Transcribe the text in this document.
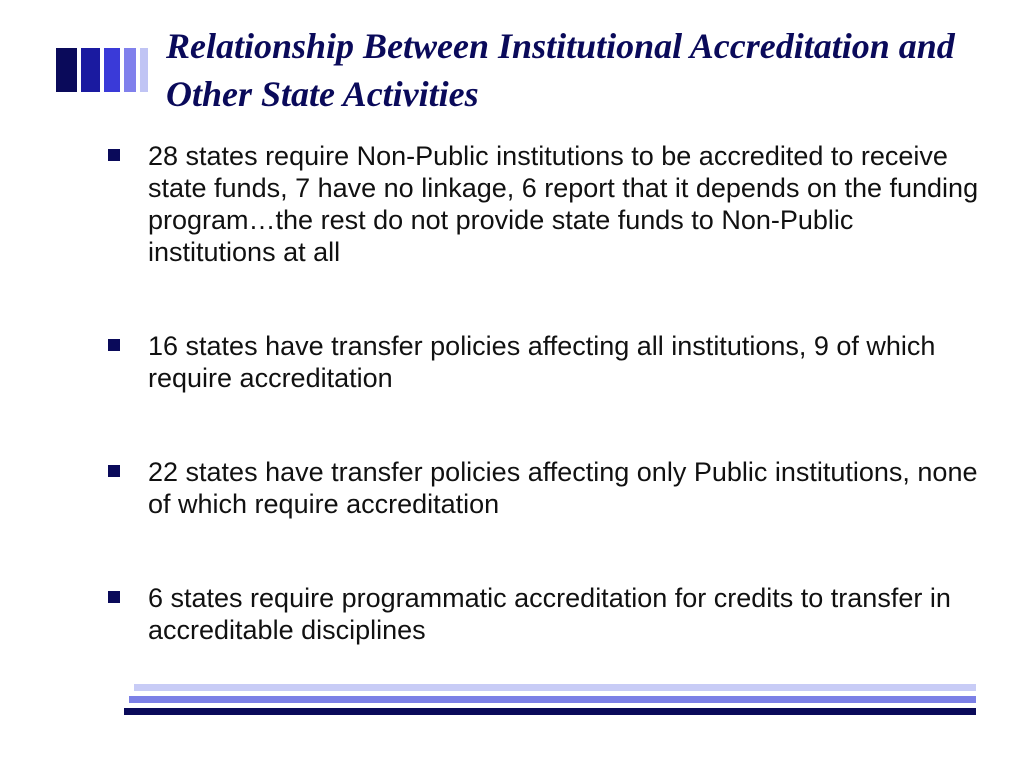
Relationship Between Institutional Accreditation and Other State Activities
28 states require Non-Public institutions to be accredited to receive state funds, 7 have no linkage, 6 report that it depends on the funding program…the rest do not provide state funds to Non-Public institutions at all
16 states have transfer policies affecting all institutions, 9 of which require accreditation
22 states have transfer policies affecting only Public institutions, none of which require accreditation
6 states require programmatic accreditation for credits to transfer in accreditable disciplines
